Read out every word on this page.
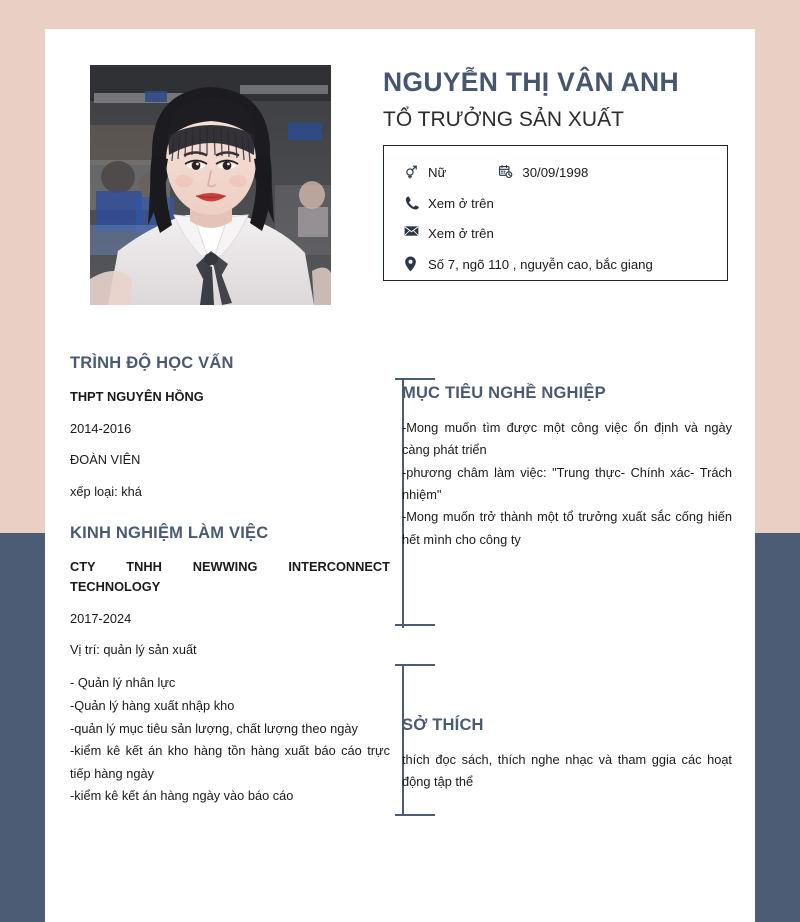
NGUYỄN THỊ VÂN ANH
TỔ TRƯỞNG SẢN XUẤT
Nữ	30/09/1998
Xem ở trên
Xem ở trên
Số 7, ngõ 110 , nguyễn cao, bắc giang
TRÌNH ĐỘ HỌC VẤN
THPT NGUYÊN HỒNG
2014-2016
ĐOÀN VIÊN
xếp loại: khá
KINH NGHIỆM LÀM VIỆC
CTY TNHH NEWWING INTERCONNECT TECHNOLOGY
2017-2024
Vị trí: quản lý sản xuất
- Quản lý nhân lực
-Quản lý hàng xuất nhập kho
-quản lý mục tiêu sản lượng, chất lượng theo ngày
-kiểm kê kết án kho hàng tồn hàng xuất báo cáo trực tiếp hàng ngày
-kiểm kê kết án hàng ngày vào báo cáo
MỤC TIÊU NGHỀ NGHIỆP
-Mong muốn tìm được một công việc ổn định và ngày càng phát triển
-phương châm làm việc: "Trung thực- Chính xác- Trách nhiệm"
-Mong muốn trở thành một tổ trưởng xuất sắc cống hiến hết mình cho công ty
SỞ THÍCH
thích đọc sách, thích nghe nhạc và tham ggia các hoạt động tập thể
